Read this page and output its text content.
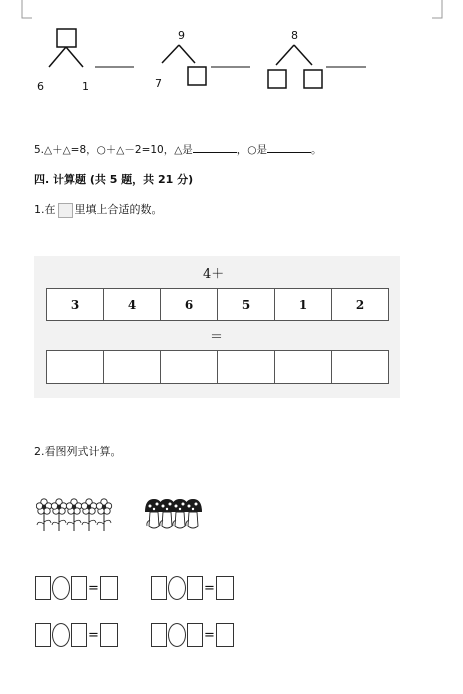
6	1
9
7
8
5.△＋△=8，○＋△－2=10，△是	，○是	。
四. 计算题 (共 5 题，共 21 分)
1.在 里填上合适的数。
4＋
3	4	6	5	1	2
＝
2.看图列式计算。
=	=
=	=
